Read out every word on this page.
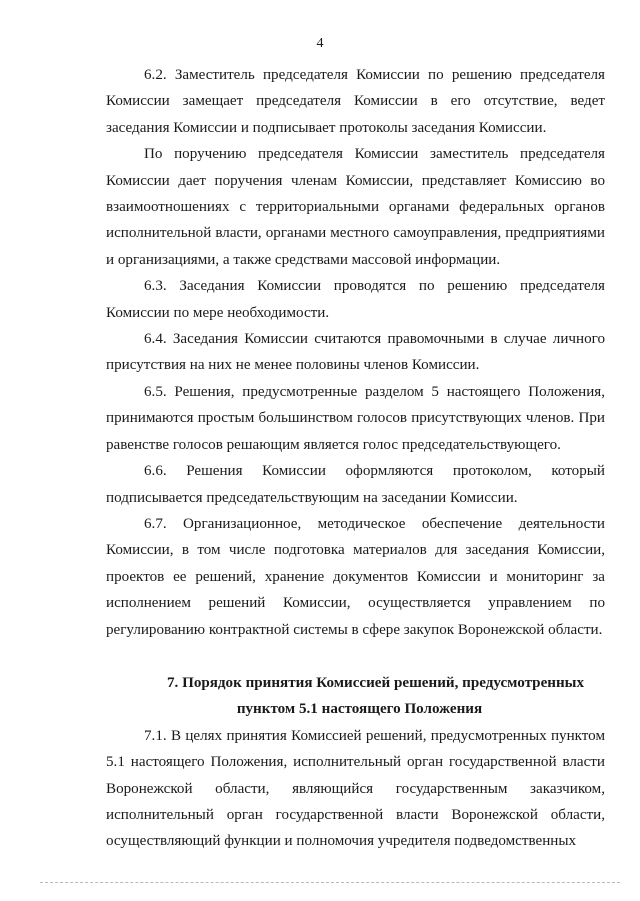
4
6.2. Заместитель председателя Комиссии по решению председателя
Комиссии замещает председателя Комиссии в его отсутствие, ведет
заседания Комиссии и подписывает протоколы заседания Комиссии.
По поручению председателя Комиссии заместитель председателя
Комиссии дает поручения членам Комиссии, представляет Комиссию во
взаимоотношениях с территориальными органами федеральных органов
исполнительной власти, органами местного самоуправления, предприятиями
и организациями, а также средствами массовой информации.
6.3. Заседания Комиссии проводятся по решению председателя
Комиссии по мере необходимости.
6.4. Заседания Комиссии считаются правомочными в случае личного
присутствия на них не менее половины членов Комиссии.
6.5. Решения, предусмотренные разделом 5 настоящего Положения,
принимаются простым большинством голосов присутствующих членов. При
равенстве голосов решающим является голос председательствующего.
6.6. Решения Комиссии оформляются протоколом, который
подписывается председательствующим на заседании Комиссии.
6.7. Организационное, методическое обеспечение деятельности
Комиссии, в том числе подготовка материалов для заседания Комиссии,
проектов ее решений, хранение документов Комиссии и мониторинг за
исполнением решений Комиссии, осуществляется управлением по
регулированию контрактной системы в сфере закупок Воронежской области.
7. Порядок принятия Комиссией решений, предусмотренных
пунктом 5.1 настоящего Положения
7.1. В целях принятия Комиссией решений, предусмотренных пунктом
5.1 настоящего Положения, исполнительный орган государственной власти
Воронежской области, являющийся государственным заказчиком,
исполнительный орган государственной власти Воронежской области,
осуществляющий функции и полномочия учредителя подведомственных
